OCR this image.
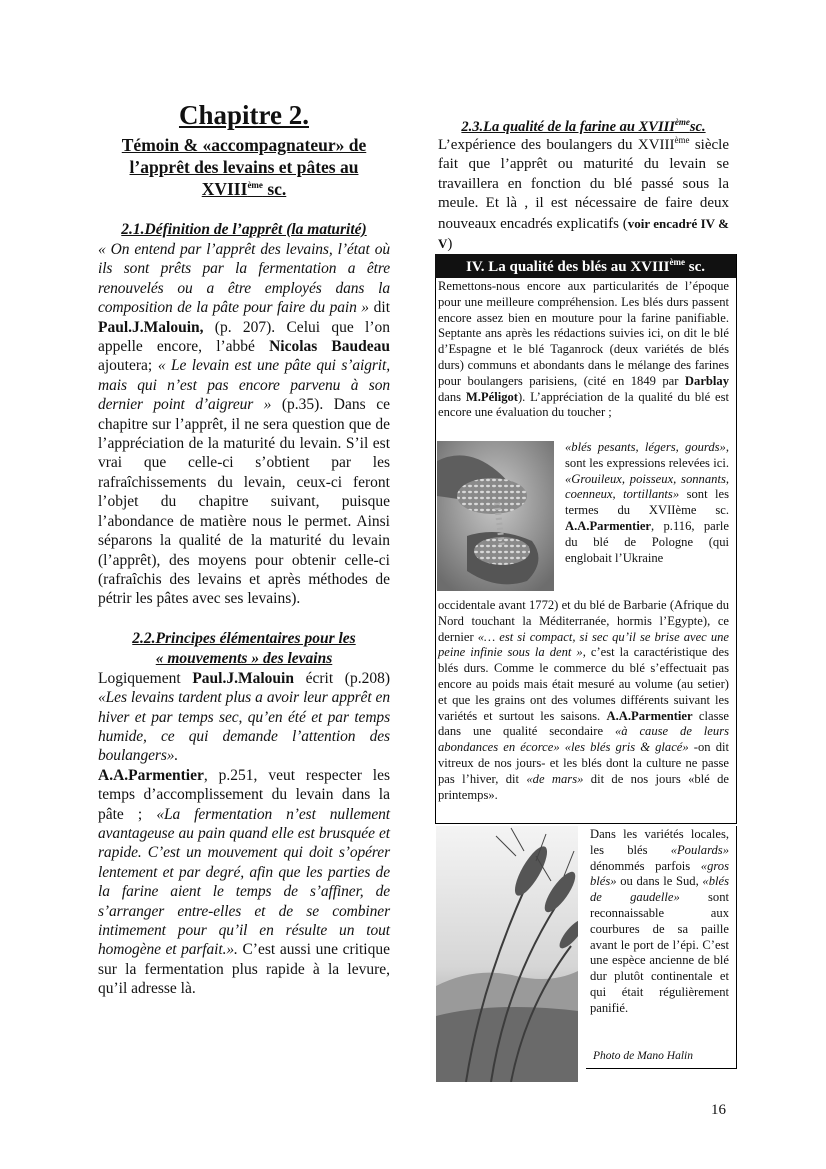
Chapitre 2.
Témoin & «accompagnateur» de
l’apprêt des levains et pâtes au
XVIIIème sc.
2.1.Définition de l’apprêt (la maturité)

« On entend par l’apprêt des levains, l’état où ils sont prêts par la fermentation a être renouvelés ou a être employés dans la composition de la pâte pour faire du pain » dit Paul.J.Malouin, (p. 207). Celui que l’on appelle encore, l’abbé Nicolas Baudeau ajoutera; « Le levain est une pâte qui s’aigrit, mais qui n’est pas encore parvenu à son dernier point d’aigreur » (p.35). Dans ce chapitre sur l’apprêt, il ne sera question que de l’appréciation de la maturité du levain. S’il est vrai que celle-ci s’obtient par les rafraîchissements du levain, ceux-ci feront l’objet du chapitre suivant, puisque l’abondance de matière nous le permet. Ainsi séparons la qualité de la maturité du levain (l’apprêt), des moyens pour obtenir celle-ci (rafraîchis des levains et après méthodes de pétrir les pâtes avec ses levains).

2.2.Principes élémentaires pour les
« mouvements » des levains

Logiquement Paul.J.Malouin écrit (p.208) «Les levains tardent plus a avoir leur apprêt en hiver et par temps sec, qu’en été et par temps humide, ce qui demande l’attention des boulangers».

A.A.Parmentier, p.251, veut respecter les temps d’accomplissement du levain dans la pâte ; «La fermentation n’est nullement avantageuse au pain quand elle est brusquée et rapide. C’est un mouvement qui doit s’opérer lentement et par degré, afin que les parties de la farine aient le temps de s’affiner, de s’arranger entre-elles et de se combiner intimement pour qu’il en résulte un tout homogène et parfait.». C’est aussi une critique sur la fermentation plus rapide à la levure, qu’il adresse là.

2.3.La qualité de la farine au XVIIIèmesc.

L’expérience des boulangers du XVIIIème siècle fait que l’apprêt ou maturité du levain se travaillera en fonction du blé passé sous la meule. Et là , il est nécessaire de faire deux nouveaux encadrés explicatifs (voir encadré IV & V)

IV. La qualité des blés au XVIIIème sc.

Remettons-nous encore aux particularités de l’époque pour une meilleure compréhension. Les blés durs passent encore assez bien en mouture pour la farine panifiable. Septante ans après les rédactions suivies ici, on dit le blé d’Espagne et le blé Taganrock (deux variétés de blés durs) communs et abondants dans le mélange des farines pour boulangers parisiens, (cité en 1849 par Darblay dans M.Péligot). L’appréciation de la qualité du blé est encore une évaluation du toucher ;

«blés pesants, légers, gourds», sont les expressions relevées ici. «Grouileux, poisseux, sonnants, coenneux, tortillants» sont les termes du XVIIème sc. A.A.Parmentier, p.116, parle du blé de Pologne (qui englobait l’Ukraine

occidentale avant 1772) et du blé de Barbarie (Afrique du Nord touchant la Méditerranée, hormis l’Egypte), ce dernier «… est si compact, si sec qu’il se brise avec une peine infinie sous la dent », c’est la caractéristique des blés durs. Comme le commerce du blé s’effectuait pas encore au poids mais était mesuré au volume (au setier) et que les grains ont des volumes différents suivant les variétés et surtout les saisons. A.A.Parmentier classe dans une qualité secondaire «à cause de leurs abondances en écorce» «les blés gris & glacé» -on dit vitreux de nos jours- et les blés dont la culture ne passe pas l’hiver, dit «de mars» dit de nos jours «blé de printemps».

Dans les variétés locales, les blés «Poulards» dénommés parfois «gros blés» ou dans le Sud, «blés de gaudelle» sont reconnaissable aux courbures de sa paille avant le port de l’épi. C’est une espèce ancienne de blé dur plutôt continentale et qui était régulièrement panifié.

Photo de Mano Halin
16
